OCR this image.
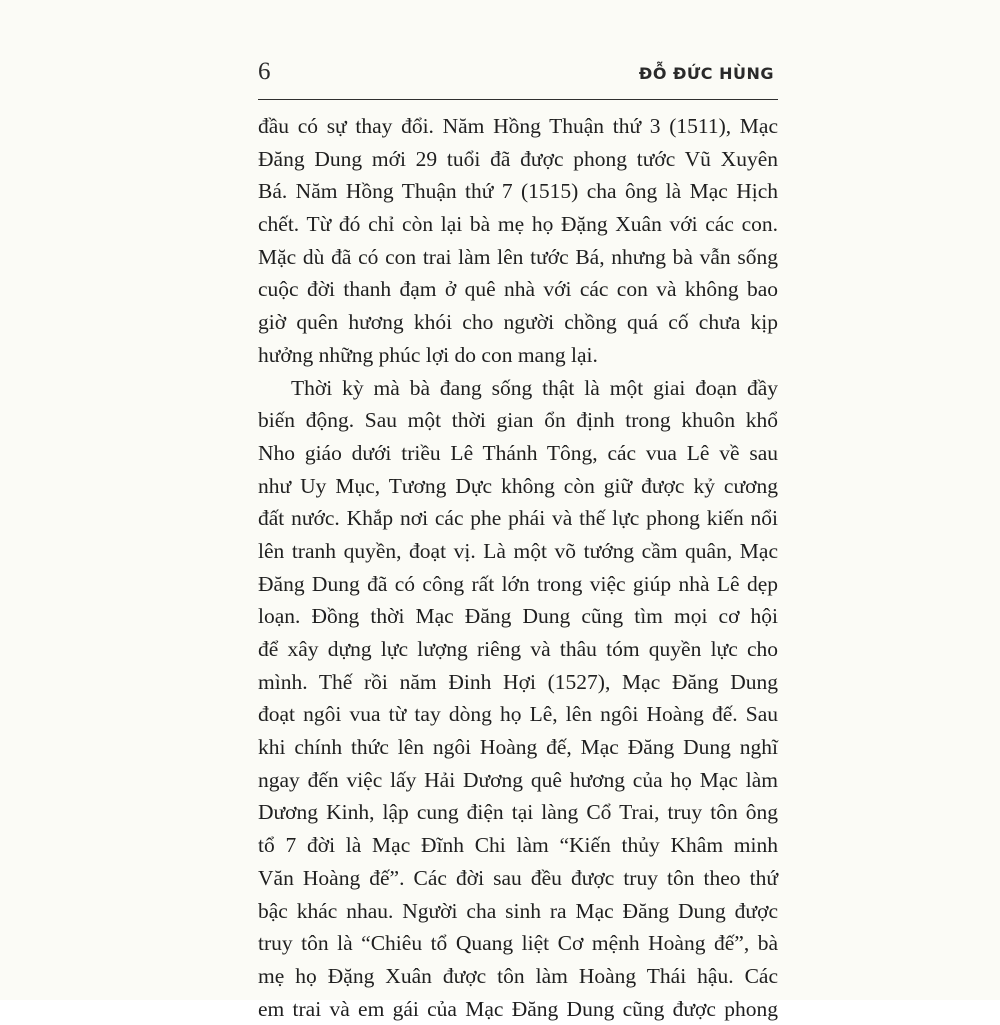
6	ĐỖ ĐỨC HÙNG
đầu có sự thay đổi. Năm Hồng Thuận thứ 3 (1511), Mạc
Đăng Dung mới 29 tuổi đã được phong tước Vũ Xuyên
Bá. Năm Hồng Thuận thứ 7 (1515) cha ông là Mạc Hịch
chết. Từ đó chỉ còn lại bà mẹ họ Đặng Xuân với các con.
Mặc dù đã có con trai làm lên tước Bá, nhưng bà vẫn sống
cuộc đời thanh đạm ở quê nhà với các con và không bao
giờ quên hương khói cho người chồng quá cố chưa kịp
hưởng những phúc lợi do con mang lại.
Thời kỳ mà bà đang sống thật là một giai đoạn đầy
biến động. Sau một thời gian ổn định trong khuôn khổ
Nho giáo dưới triều Lê Thánh Tông, các vua Lê về sau
như Uy Mục, Tương Dực không còn giữ được kỷ cương
đất nước. Khắp nơi các phe phái và thế lực phong kiến nổi
lên tranh quyền, đoạt vị. Là một võ tướng cầm quân, Mạc
Đăng Dung đã có công rất lớn trong việc giúp nhà Lê dẹp
loạn. Đồng thời Mạc Đăng Dung cũng tìm mọi cơ hội
để xây dựng lực lượng riêng và thâu tóm quyền lực cho
mình. Thế rồi năm Đinh Hợi (1527), Mạc Đăng Dung
đoạt ngôi vua từ tay dòng họ Lê, lên ngôi Hoàng đế. Sau
khi chính thức lên ngôi Hoàng đế, Mạc Đăng Dung nghĩ
ngay đến việc lấy Hải Dương quê hương của họ Mạc làm
Dương Kinh, lập cung điện tại làng Cổ Trai, truy tôn ông
tổ 7 đời là Mạc Đĩnh Chi làm “Kiến thủy Khâm minh
Văn Hoàng đế”. Các đời sau đều được truy tôn theo thứ
bậc khác nhau. Người cha sinh ra Mạc Đăng Dung được
truy tôn là “Chiêu tổ Quang liệt Cơ mệnh Hoàng đế”, bà
mẹ họ Đặng Xuân được tôn làm Hoàng Thái hậu. Các
em trai và em gái của Mạc Đăng Dung cũng được phong
